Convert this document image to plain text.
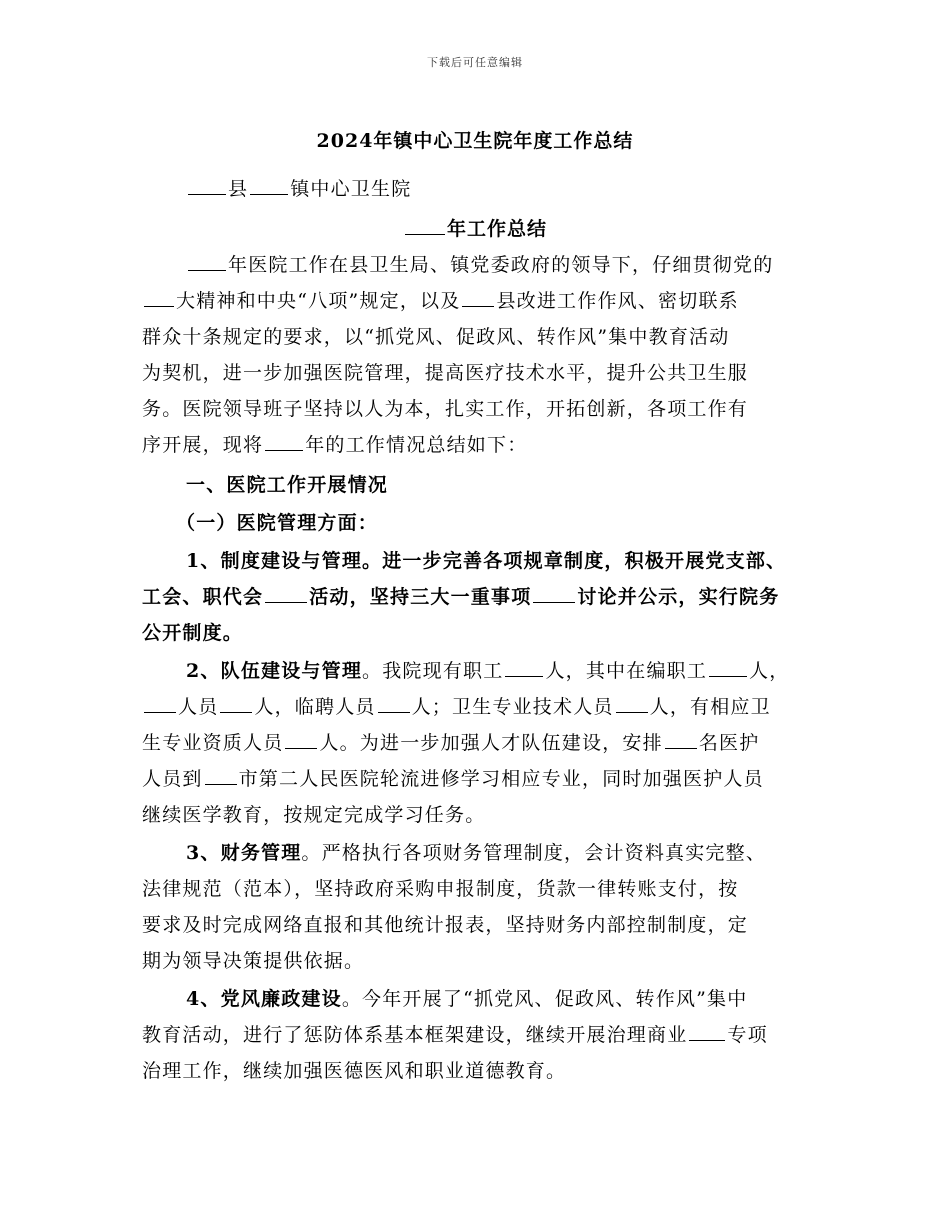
下载后可任意编辑
2024年镇中心卫生院年度工作总结
县 镇中心卫生院
年工作总结
年医院工作在县卫生局、镇党委政府的领导下，仔细贯彻党的
大精神和中央“八项”规定，以及 县改进工作作风、密切联系
群众十条规定的要求，以“抓党风、促政风、转作风”集中教育活动
为契机，进一步加强医院管理，提高医疗技术水平，提升公共卫生服
务。医院领导班子坚持以人为本，扎实工作，开拓创新，各项工作有
序开展，现将 年的工作情况总结如下：
一、医院工作开展情况
（一）医院管理方面：
1、制度建设与管理。进一步完善各项规章制度，积极开展党支部、
工会、职代会 活动，坚持三大一重事项 讨论并公示，实行院务
公开制度。
2、队伍建设与管理。我院现有职工 人，其中在编职工 人，
人员 人，临聘人员 人；卫生专业技术人员 人，有相应卫
生专业资质人员 人。为进一步加强人才队伍建设，安排 名医护
人员到 市第二人民医院轮流进修学习相应专业，同时加强医护人员
继续医学教育，按规定完成学习任务。
3、财务管理。严格执行各项财务管理制度，会计资料真实完整、
法律规范（范本），坚持政府采购申报制度，货款一律转账支付，按
要求及时完成网络直报和其他统计报表，坚持财务内部控制制度，定
期为领导决策提供依据。
4、党风廉政建设。今年开展了“抓党风、促政风、转作风”集中
教育活动，进行了惩防体系基本框架建设，继续开展治理商业 专项
治理工作，继续加强医德医风和职业道德教育。
